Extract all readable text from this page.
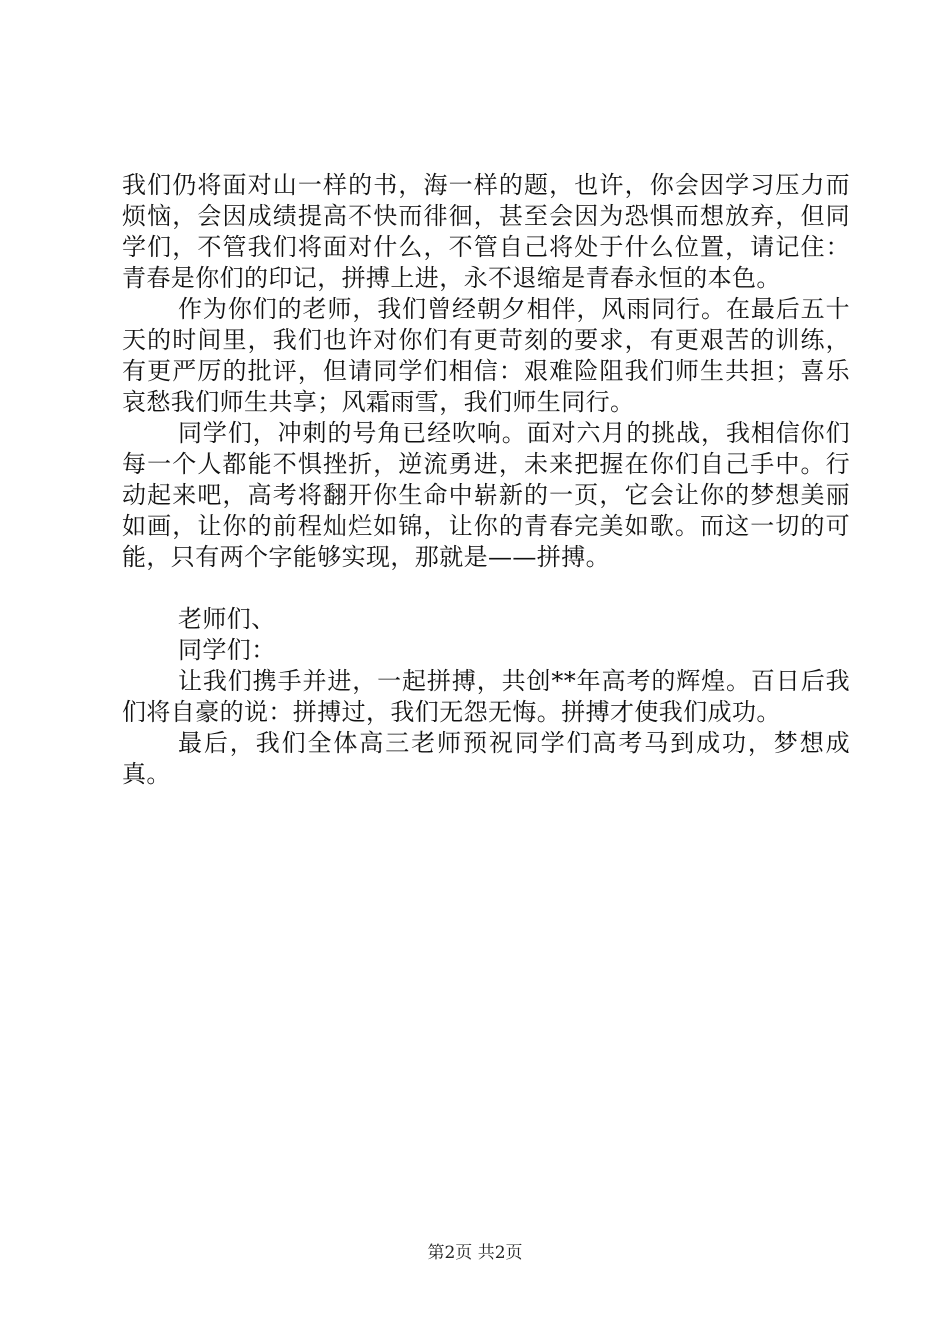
我们仍将面对山一样的书，海一样的题，也许，你会因学习压力而烦恼，会因成绩提高不快而徘徊，甚至会因为恐惧而想放弃，但同学们，不管我们将面对什么，不管自己将处于什么位置，请记住：青春是你们的印记，拼搏上进，永不退缩是青春永恒的本色。

作为你们的老师，我们曾经朝夕相伴，风雨同行。在最后五十天的时间里，我们也许对你们有更苛刻的要求，有更艰苦的训练，有更严厉的批评，但请同学们相信：艰难险阻我们师生共担；喜乐哀愁我们师生共享；风霜雨雪，我们师生同行。

同学们，冲刺的号角已经吹响。面对六月的挑战，我相信你们每一个人都能不惧挫折，逆流勇进，未来把握在你们自己手中。行动起来吧，高考将翻开你生命中崭新的一页，它会让你的梦想美丽如画，让你的前程灿烂如锦，让你的青春完美如歌。而这一切的可能，只有两个字能够实现，那就是——拼搏。

老师们、

同学们：

让我们携手并进，一起拼搏，共创**年高考的辉煌。百日后我们将自豪的说：拼搏过，我们无怨无悔。拼搏才使我们成功。

最后，我们全体高三老师预祝同学们高考马到成功，梦想成真。

第2页 共2页
